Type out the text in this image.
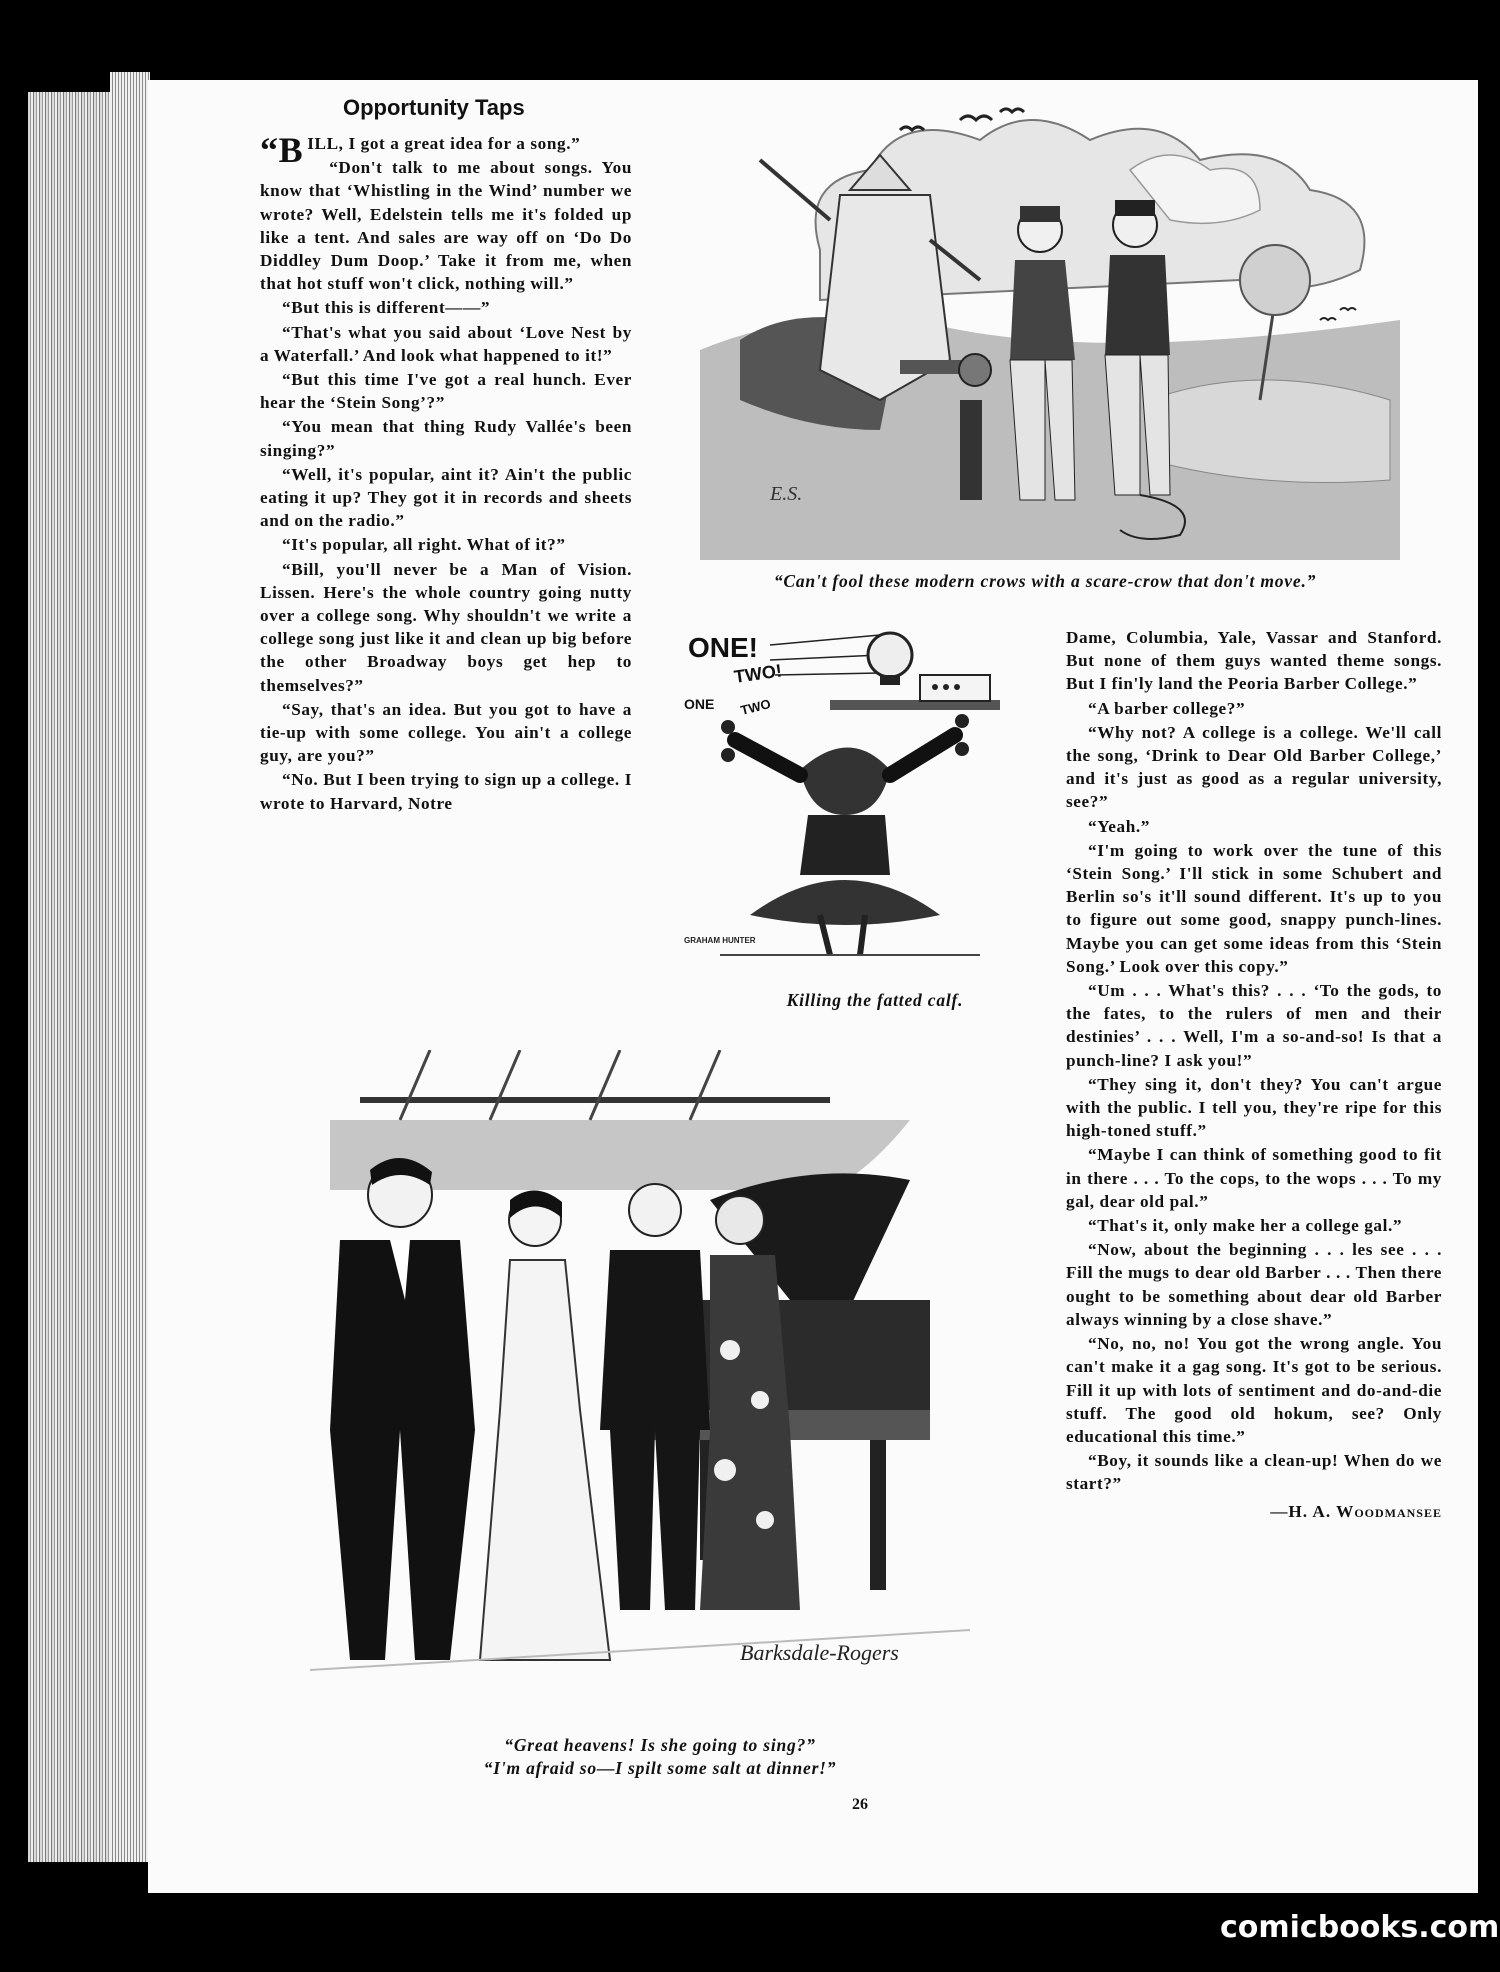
Opportunity Taps

“B ILL, I got a great idea for a song.”

“Don't talk to me about songs. You know that ‘Whistling in the Wind’ number we wrote? Well, Edelstein tells me it's folded up like a tent. And sales are way off on ‘Do Do Diddley Dum Doop.’ Take it from me, when that hot stuff won't click, nothing will.”

“But this is different——”

“That's what you said about ‘Love Nest by a Waterfall.’ And look what happened to it!”

“But this time I've got a real hunch. Ever hear the ‘Stein Song’?”

“You mean that thing Rudy Vallée's been singing?”

“Well, it's popular, aint it? Ain't the public eating it up? They got it in records and sheets and on the radio.”

“It's popular, all right. What of it?”

“Bill, you'll never be a Man of Vision. Lissen. Here's the whole country going nutty over a college song. Why shouldn't we write a college song just like it and clean up big before the other Broadway boys get hep to themselves?”

“Say, that's an idea. But you got to have a tie-up with some college. You ain't a college guy, are you?”

“No. But I been trying to sign up a college. I wrote to Harvard, Notre

Dame, Columbia, Yale, Vassar and Stanford. But none of them guys wanted theme songs. But I fin'ly land the Peoria Barber College.”

“A barber college?”

“Why not? A college is a college. We'll call the song, ‘Drink to Dear Old Barber College,’ and it's just as good as a regular university, see?”

“Yeah.”

“I'm going to work over the tune of this ‘Stein Song.’ I'll stick in some Schubert and Berlin so's it'll sound different. It's up to you to figure out some good, snappy punch-lines. Maybe you can get some ideas from this ‘Stein Song.’ Look over this copy.”

“Um . . . What's this? . . . ‘To the gods, to the fates, to the rulers of men and their destinies’ . . . Well, I'm a so-and-so! Is that a punch-line? I ask you!”

“They sing it, don't they? You can't argue with the public. I tell you, they're ripe for this high-toned stuff.”

“Maybe I can think of something good to fit in there . . . To the cops, to the wops . . . To my gal, dear old pal.”

“That's it, only make her a college gal.”

“Now, about the beginning . . . les see . . . Fill the mugs to dear old Barber . . . Then there ought to be something about dear old Barber always winning by a close shave.”

“No, no, no! You got the wrong angle. You can't make it a gag song. It's got to be serious. Fill it up with lots of sentiment and do-and-die stuff. The good old hokum, see? Only educational this time.”

“Boy, it sounds like a clean-up! When do we start?”

—H. A. Woodmansee
E.S.
“Can't fool these modern crows with a scare-crow that don't move.”
ONE!
TWO!
ONE TWO
GRAHAM HUNTER
Killing the fatted calf.
Barksdale-Rogers
“Great heavens! Is she going to sing?”
“I'm afraid so—I spilt some salt at dinner!”
26
comicbooks.com
